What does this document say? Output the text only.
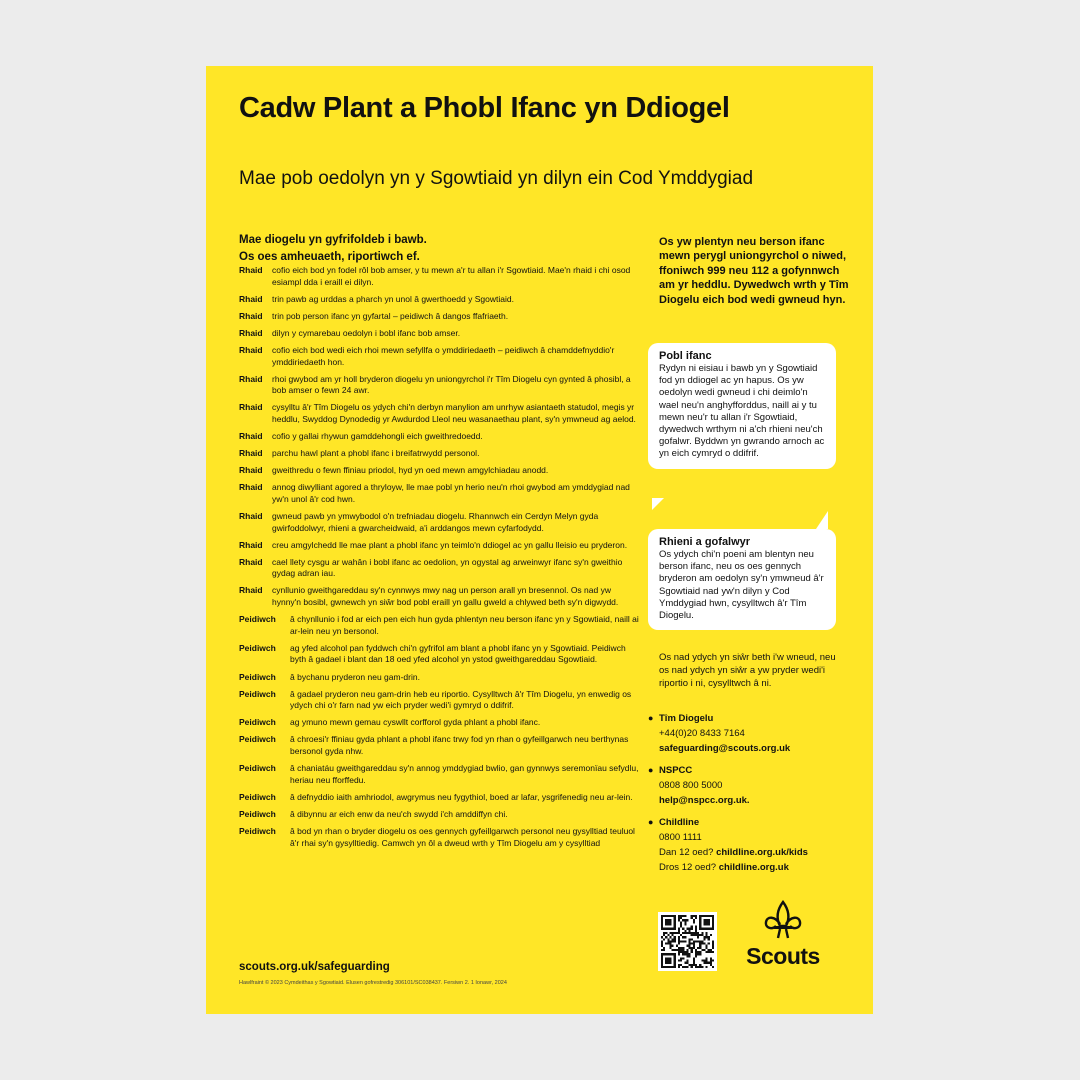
Cadw Plant a Phobl Ifanc yn Ddiogel
Mae pob oedolyn yn y Sgowtiaid yn dilyn ein Cod Ymddygiad
Mae diogelu yn gyfrifoldeb i bawb.
Os oes amheuaeth, riportiwch ef.
Rhaid	cofio eich bod yn fodel rôl bob amser, y tu mewn a'r tu allan i'r Sgowtiaid. Mae'n rhaid i chi osod esiampl dda i eraill ei dilyn.
Rhaid	trin pawb ag urddas a pharch yn unol â gwerthoedd y Sgowtiaid.
Rhaid	trin pob person ifanc yn gyfartal – peidiwch â dangos ffafriaeth.
Rhaid	dilyn y cymarebau oedolyn i bobl ifanc bob amser.
Rhaid	cofio eich bod wedi eich rhoi mewn sefyllfa o ymddiriedaeth – peidiwch â chamddefnyddio'r ymddiriedaeth hon.
Rhaid	rhoi gwybod am yr holl bryderon diogelu yn uniongyrchol i'r Tîm Diogelu cyn gynted â phosibl, a bob amser o fewn 24 awr.
Rhaid	cysylltu â'r Tîm Diogelu os ydych chi'n derbyn manylion am unrhyw asiantaeth statudol, megis yr heddlu, Swyddog Dynodedig yr Awdurdod Lleol neu wasanaethau plant, sy'n ymwneud ag aelod.
Rhaid	cofio y gallai rhywun gamddehongli eich gweithredoedd.
Rhaid	parchu hawl plant a phobl ifanc i breifatrwydd personol.
Rhaid	gweithredu o fewn ffiniau priodol, hyd yn oed mewn amgylchiadau anodd.
Rhaid	annog diwylliant agored a thryloyw, lle mae pobl yn herio neu'n rhoi gwybod am ymddygiad nad yw'n unol â'r cod hwn.
Rhaid	gwneud pawb yn ymwybodol o'n trefniadau diogelu. Rhannwch ein Cerdyn Melyn gyda gwirfoddolwyr, rhieni a gwarcheidwaid, a'i arddangos mewn cyfarfodydd.
Rhaid	creu amgylchedd lle mae plant a phobl ifanc yn teimlo'n ddiogel ac yn gallu lleisio eu pryderon.
Rhaid	cael llety cysgu ar wahân i bobl ifanc ac oedolion, yn ogystal ag arweinwyr ifanc sy'n gweithio gydag adran iau.
Rhaid	cynllunio gweithgareddau sy'n cynnwys mwy nag un person arall yn bresennol. Os nad yw hynny'n bosibl, gwnewch yn siŵr bod pobl eraill yn gallu gweld a chlywed beth sy'n digwydd.
Peidiwch	â chynllunio i fod ar eich pen eich hun gyda phlentyn neu berson ifanc yn y Sgowtiaid, naill ai ar-lein neu yn bersonol.
Peidiwch	ag yfed alcohol pan fyddwch chi'n gyfrifol am blant a phobl ifanc yn y Sgowtiaid. Peidiwch byth â gadael i blant dan 18 oed yfed alcohol yn ystod gweithgareddau Sgowtiaid.
Peidiwch	â bychanu pryderon neu gam-drin.
Peidiwch	â gadael pryderon neu gam-drin heb eu riportio. Cysylltwch â'r Tîm Diogelu, yn enwedig os ydych chi o'r farn nad yw eich pryder wedi'i gymryd o ddifrif.
Peidiwch	ag ymuno mewn gemau cyswllt corfforol gyda phlant a phobl ifanc.
Peidiwch	â chroesi'r ffiniau gyda phlant a phobl ifanc trwy fod yn rhan o gyfeillgarwch neu berthynas bersonol gyda nhw.
Peidiwch	â chaniatáu gweithgareddau sy'n annog ymddygiad bwlio, gan gynnwys seremonïau sefydlu, heriau neu fforffedu.
Peidiwch	â defnyddio iaith amhriodol, awgrymus neu fygythiol, boed ar lafar, ysgrifenedig neu ar-lein.
Peidiwch	â dibynnu ar eich enw da neu'ch swydd i'ch amddiffyn chi.
Peidiwch	â bod yn rhan o bryder diogelu os oes gennych gyfeillgarwch personol neu gysylltiad teuluol â'r rhai sy'n gysylltiedig. Camwch yn ôl a dweud wrth y Tîm Diogelu am y cysylltiad
scouts.org.uk/safeguarding
Hawlfraint © 2023 Cymdeithas y Sgowtiaid. Elusen gofrestredig 306101/SC038437. Fersiwn 2. 1 Ionawr, 2024
Os yw plentyn neu berson ifanc mewn perygl uniongyrchol o niwed, ffoniwch 999 neu 112 a gofynnwch am yr heddlu. Dywedwch wrth y Tîm Diogelu eich bod wedi gwneud hyn.
Pobl ifanc

Rydyn ni eisiau i bawb yn y Sgowtiaid fod yn ddiogel ac yn hapus. Os yw oedolyn wedi gwneud i chi deimlo'n wael neu'n anghyfforddus, naill ai y tu mewn neu'r tu allan i'r Sgowtiaid, dywedwch wrthym ni a'ch rhieni neu'ch gofalwr. Byddwn yn gwrando arnoch ac yn eich cymryd o ddifrif.

Rhieni a gofalwyr

Os ydych chi'n poeni am blentyn neu berson ifanc, neu os oes gennych bryderon am oedolyn sy'n ymwneud â'r Sgowtiaid nad yw'n dilyn y Cod Ymddygiad hwn, cysylltwch â'r Tîm Diogelu.

Os nad ydych yn siŵr beth i'w wneud, neu os nad ydych yn siŵr a yw pryder wedi'i riportio i ni, cysylltwch â ni.
● Tîm Diogelu
+44(0)20 8433 7164
safeguarding@scouts.org.uk
● NSPCC
0808 800 5000
help@nspcc.org.uk.
● Childline
0800 1111
Dan 12 oed? childline.org.uk/kids
Dros 12 oed? childline.org.uk
Scouts
